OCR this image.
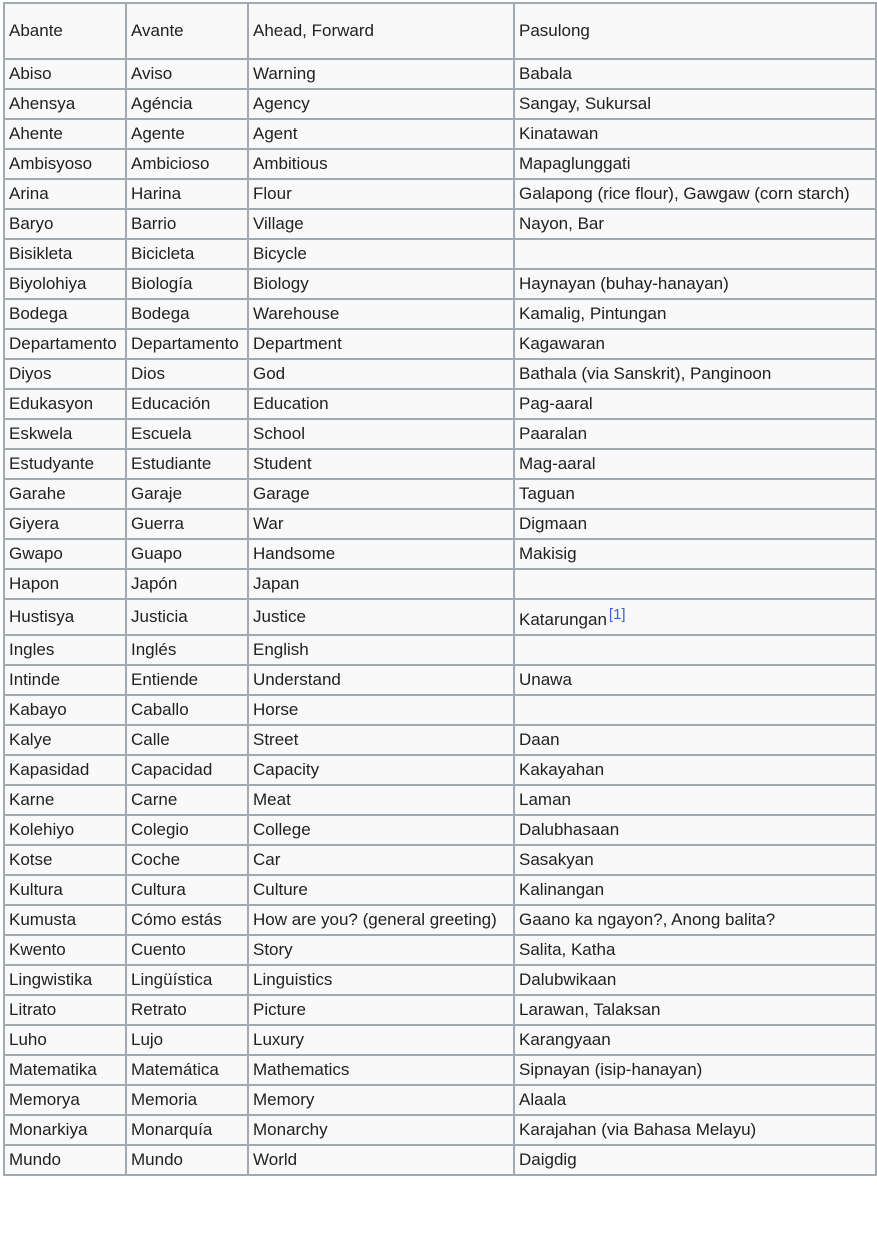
Abante	Avante	Ahead, Forward	Pasulong
Abiso	Aviso	Warning	Babala
Ahensya	Agéncia	Agency	Sangay, Sukursal
Ahente	Agente	Agent	Kinatawan
Ambisyoso	Ambicioso	Ambitious	Mapaglunggati
Arina	Harina	Flour	Galapong (rice flour), Gawgaw (corn starch)
Baryo	Barrio	Village	Nayon, Bar
Bisikleta	Bicicleta	Bicycle	
Biyolohiya	Biología	Biology	Haynayan (buhay-hanayan)
Bodega	Bodega	Warehouse	Kamalig, Pintungan
Departamento	Departamento	Department	Kagawaran
Diyos	Dios	God	Bathala (via Sanskrit), Panginoon
Edukasyon	Educación	Education	Pag-aaral
Eskwela	Escuela	School	Paaralan
Estudyante	Estudiante	Student	Mag-aaral
Garahe	Garaje	Garage	Taguan
Giyera	Guerra	War	Digmaan
Gwapo	Guapo	Handsome	Makisig
Hapon	Japón	Japan	
Hustisya	Justicia	Justice	Katarungan [1]
Ingles	Inglés	English	
Intinde	Entiende	Understand	Unawa
Kabayo	Caballo	Horse	
Kalye	Calle	Street	Daan
Kapasidad	Capacidad	Capacity	Kakayahan
Karne	Carne	Meat	Laman
Kolehiyo	Colegio	College	Dalubhasaan
Kotse	Coche	Car	Sasakyan
Kultura	Cultura	Culture	Kalinangan
Kumusta	Cómo estás	How are you? (general greeting)	Gaano ka ngayon?, Anong balita?
Kwento	Cuento	Story	Salita, Katha
Lingwistika	Lingüística	Linguistics	Dalubwikaan
Litrato	Retrato	Picture	Larawan, Talaksan
Luho	Lujo	Luxury	Karangyaan
Matematika	Matemática	Mathematics	Sipnayan (isip-hanayan)
Memorya	Memoria	Memory	Alaala
Monarkiya	Monarquía	Monarchy	Karajahan (via Bahasa Melayu)
Mundo	Mundo	World	Daigdig
